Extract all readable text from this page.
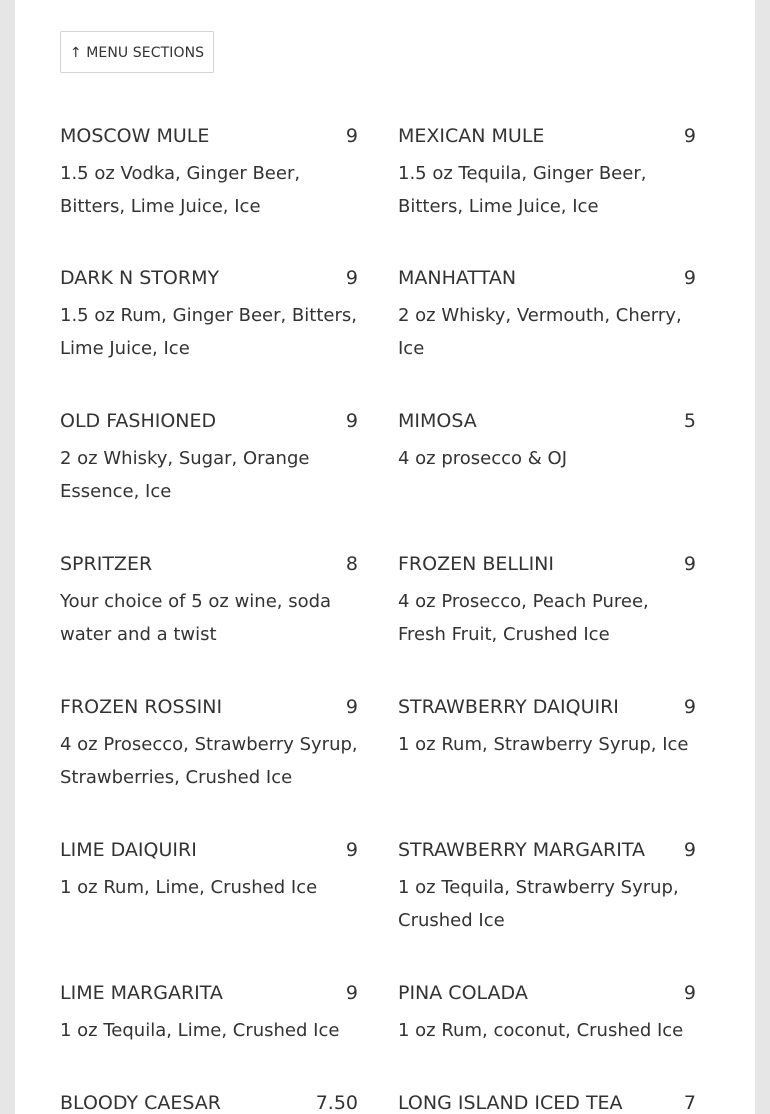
↑ MENU SECTIONS
MOSCOW MULE	9
1.5 oz Vodka, Ginger Beer, Bitters, Lime Juice, Ice
MEXICAN MULE	9
1.5 oz Tequila, Ginger Beer, Bitters, Lime Juice, Ice
DARK N STORMY	9
1.5 oz Rum, Ginger Beer, Bitters, Lime Juice, Ice
MANHATTAN	9
2 oz Whisky, Vermouth, Cherry, Ice
OLD FASHIONED	9
2 oz Whisky, Sugar, Orange Essence, Ice
MIMOSA	5
4 oz prosecco & OJ
SPRITZER	8
Your choice of 5 oz wine, soda water and a twist
FROZEN BELLINI	9
4 oz Prosecco, Peach Puree, Fresh Fruit, Crushed Ice
FROZEN ROSSINI	9
4 oz Prosecco, Strawberry Syrup, Strawberries, Crushed Ice
STRAWBERRY DAIQUIRI	9
1 oz Rum, Strawberry Syrup, Ice
LIME DAIQUIRI	9
1 oz Rum, Lime, Crushed Ice
STRAWBERRY MARGARITA 9
1 oz Tequila, Strawberry Syrup, Crushed Ice
LIME MARGARITA	9
1 oz Tequila, Lime, Crushed Ice
PINA COLADA	9
1 oz Rum, coconut, Crushed Ice
BLOODY CAESAR	7.50 LONG ISLAND ICED TEA	7
